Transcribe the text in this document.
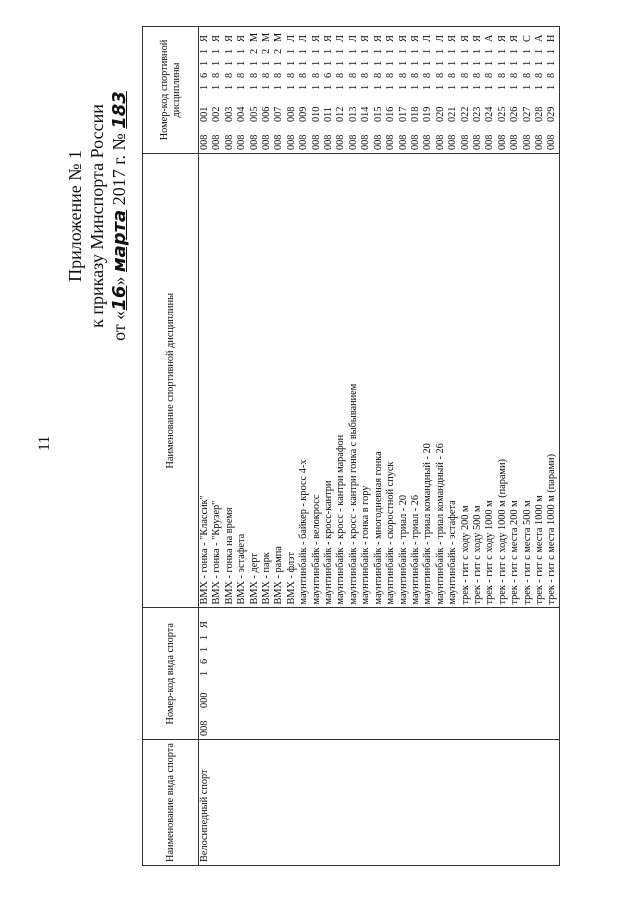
11
Приложение № 1 к приказу Минспорта России от «16» марта 2017 г. № 183
Наименование вида спорта	Номер-код вида спорта	Наименование спортивной дисциплины	Номер-код спортивной дисциплины
Велосипедный спорт	0080001611Я	BMX - гонка - "Классик"	0080011611Я
		BMX - гонка - "Крузер"	0080021811Я
		BMX - гонка на время	0080031811Я
		BMX - эстафета	0080041811Я
		BMX - дерт	0080051812М
		BMX - парк	0080061812М
		BMX - рампа	0080071812М
		BMX - флэт	0080081811Л
		маунтинбайк - байкер - кросс 4-х	0080091811Л
		маунтинбайк - велокросс	0080101811Я
		маунтинбайк - кросс-кантри	0080111611Я
		маунтинбайк - кросс - кантри марафон	0080121811Л
		маунтинбайк - кросс - кантри гонка с выбыванием	0080131811Л
		маунтинбайк - гонка в гору	0080141811Я
		маунтинбайк - многодневная гонка	0080151811Я
		маунтинбайк - скоростной спуск	0080161811Я
		маунтинбайк - триал - 20	0080171811Я
		маунтинбайк - триал - 26	0080181811Я
		маунтинбайк - триал командный - 20	0080191811Л
		маунтинбайк - триал командный - 26	0080201811Л
		маунтинбайк - эстафета	0080211811Я
		трек - гит с ходу 200 м	0080221811Я
		трек - гит с ходу 500 м	0080231811Я
		трек - гит с ходу 1000 м	0080241811А
		трек - гит с ходу 1000 м (парами)	0080251811Я
		трек - гит с места 200 м	0080261811Я
		трек - гит с места 500 м	0080271811С
		трек - гит с места 1000 м	0080281811А
		трек - гит с места 1000 м (парами)	0080291811Н
